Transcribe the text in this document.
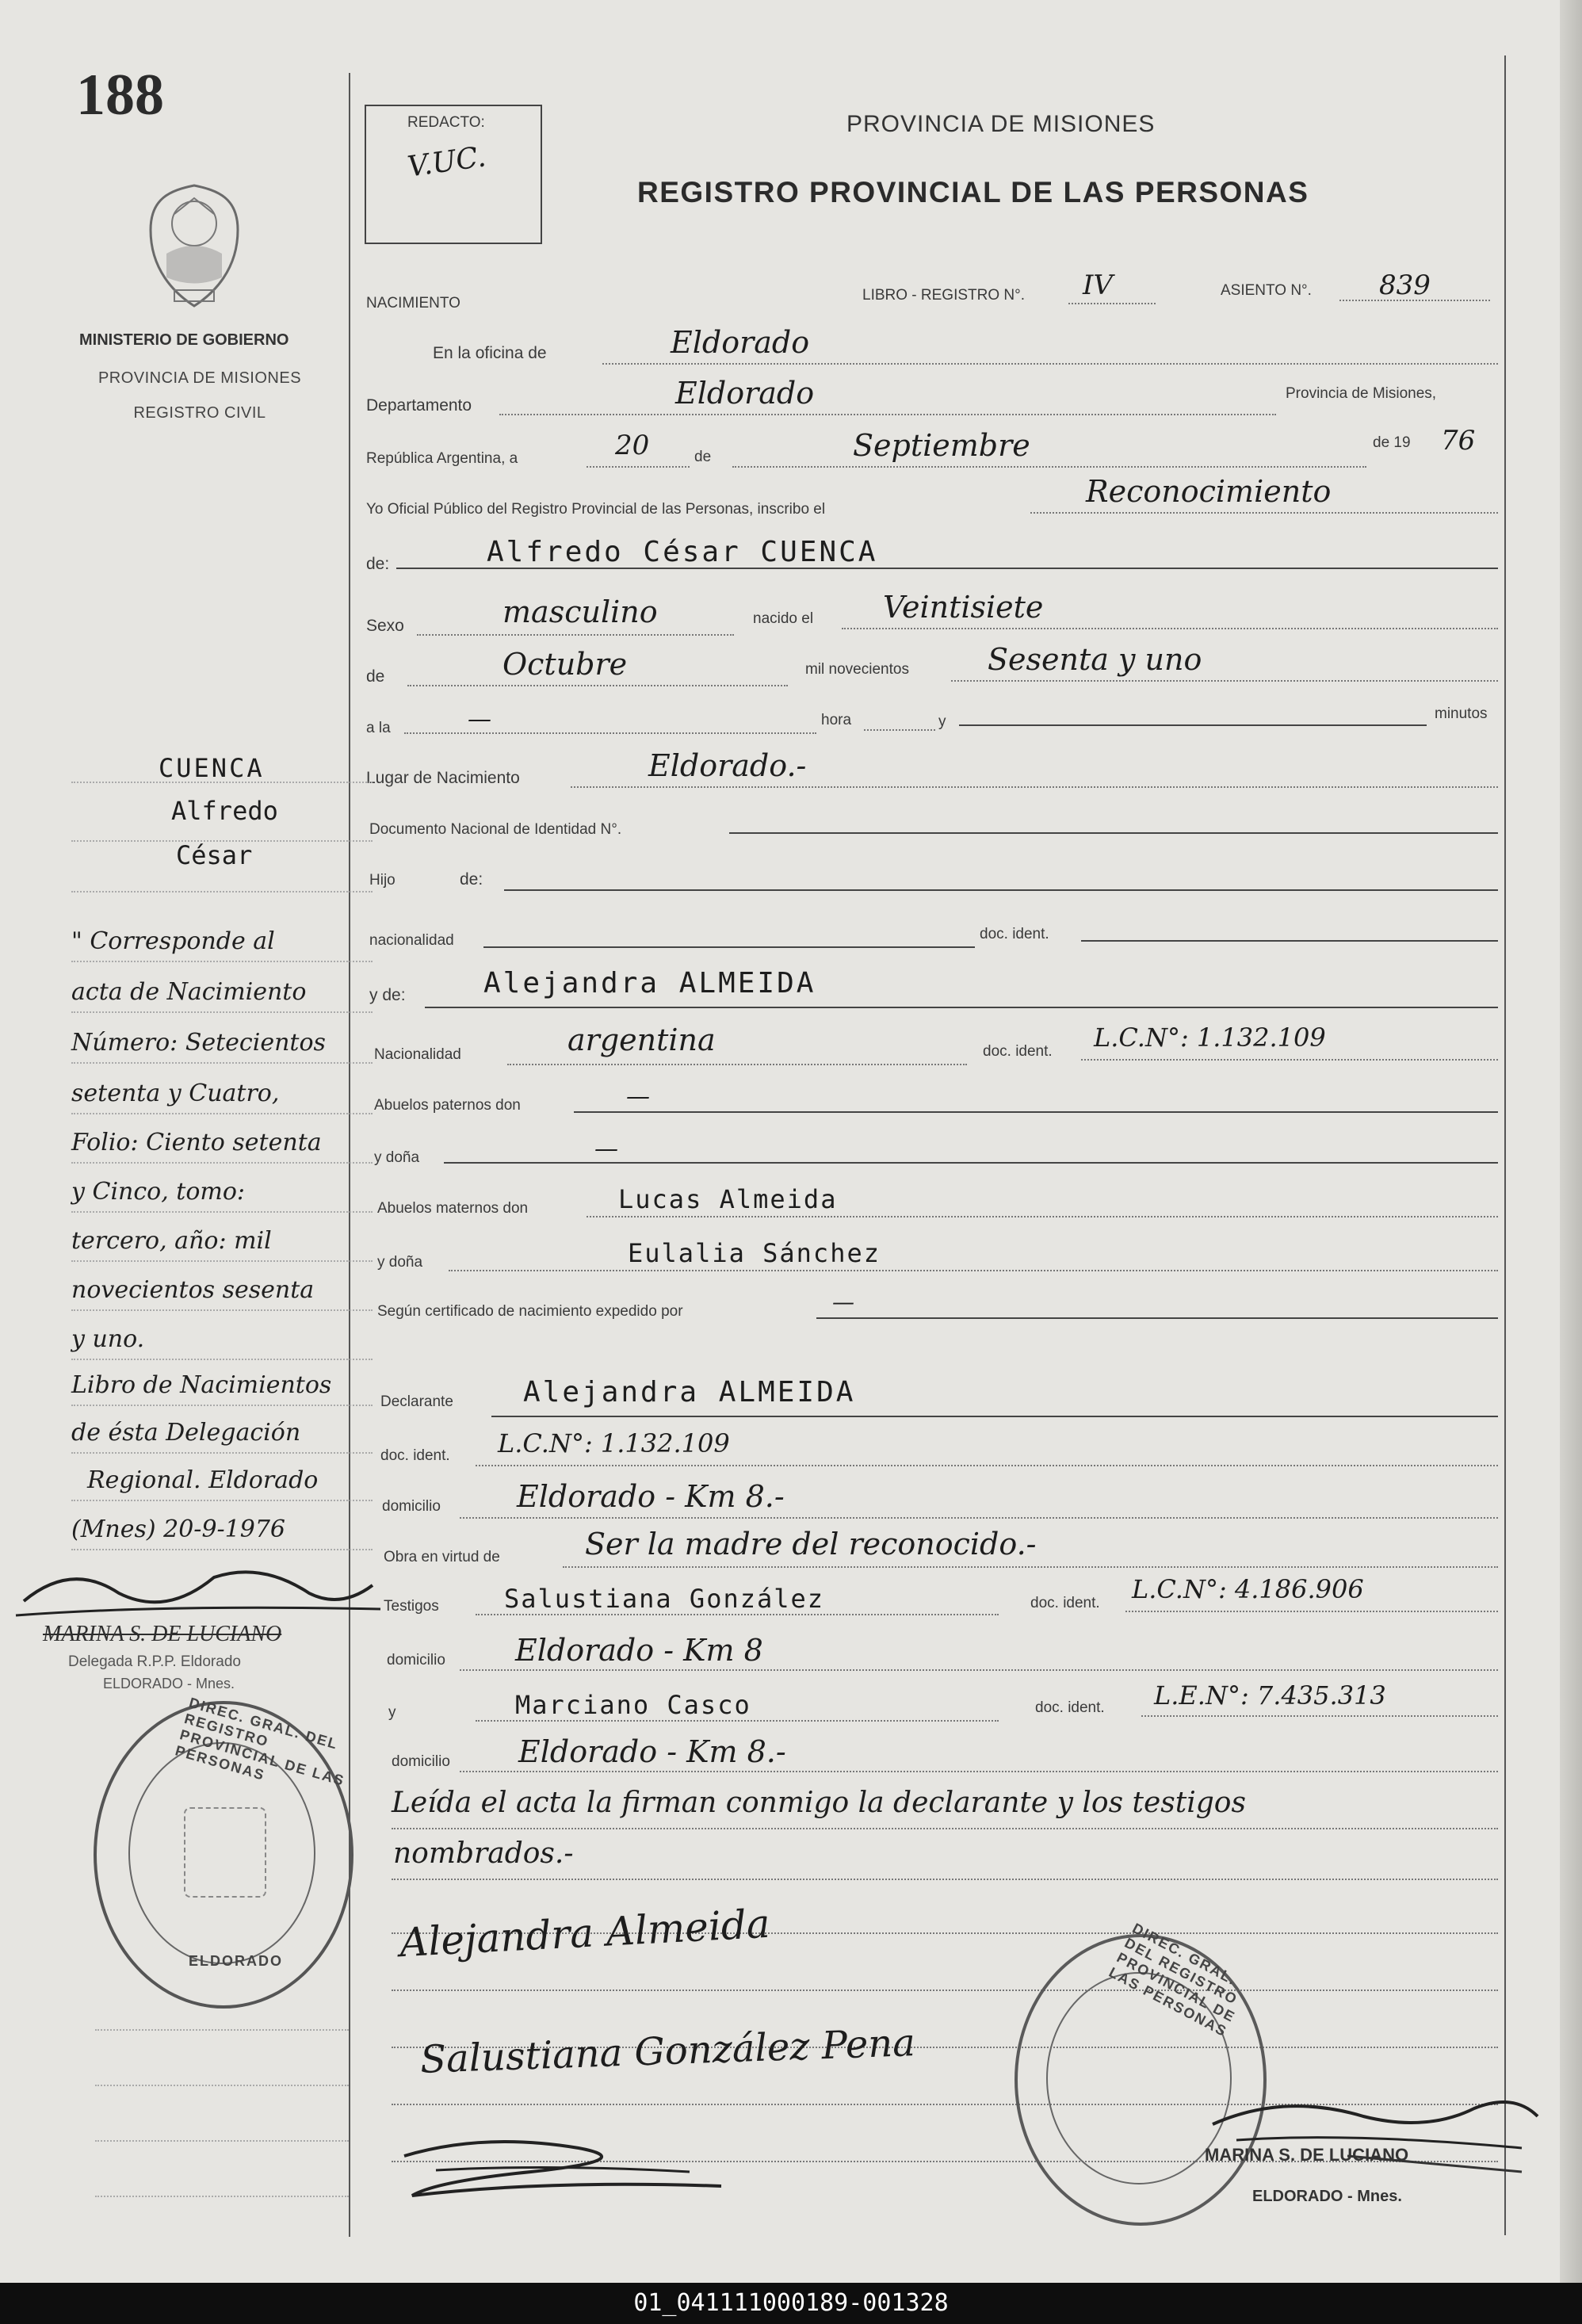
188	REDACTO:
V.UC.
PROVINCIA DE MISIONES
REGISTRO PROVINCIAL DE LAS PERSONAS
MINISTERIO DE GOBIERNO
PROVINCIA DE MISIONES
REGISTRO CIVIL
NACIMIENTO	LIBRO - REGISTRO N°. IV	ASIENTO N°.	839
En la oficina de	Eldorado
Departamento	Eldorado	Provincia de Misiones,
República Argentina, a	20	de	Septiembre	de 19 76
Yo Oficial Público del Registro Provincial de las Personas, inscribo el
Reconocimiento
de:	Alfredo César CUENCA
Sexo	masculino	nacido el Veintisiete
de	Octubre	mil novecientos	Sesenta y uno
a la	—	hora	y	minutos
Lugar de Nacimiento	Eldorado.-
Documento Nacional de Identidad N°.
Hijo	de:
nacionalidad	doc. ident.
y de:	Alejandra ALMEIDA
Nacionalidad	argentina	doc. ident. L.C.N°: 1.132.109
Abuelos paternos don	—
y doña	—
Abuelos maternos don	Lucas Almeida
y doña	Eulalia Sánchez
Según certificado de nacimiento expedido por	—
Declarante Alejandra ALMEIDA
doc. ident. L.C.N°: 1.132.109
domicilio	Eldorado - Km 8.-
Obra en virtud de	Ser la madre del reconocido.-
Testigos	Salustiana González	doc. ident. L.C.N°: 4.186.906
domicilio Eldorado - Km 8
y	Marciano Casco	doc. ident. L.E.N°: 7.435.313
domicilio Eldorado - Km 8.-
Leída el acta la firman conmigo la declarante y los testigos
nombrados.-
Alejandra Almeida
Salustiana González Pena
DIREC. GRAL. DEL REGISTRO PROVINCIAL DE LAS PERSONAS
MARINA S. DE LUCIANO
ELDORADO - Mnes.
CUENCA
Alfredo
César
" Corresponde al
acta de Nacimiento
Número: Setecientos
setenta y Cuatro,
Folio: Ciento setenta
y Cinco, tomo:
tercero, año: mil
novecientos sesenta
y uno.
Libro de Nacimientos
de ésta Delegación
Regional. Eldorado
(Mnes) 20-9-1976
MARINA S. DE LUCIANO
Delegada R.P.P. Eldorado
ELDORADO - Mnes.
DIREC. GRAL. DEL REGISTRO PROVINCIAL DE LAS PERSONAS
ELDORADO
01_041111000189-001328
